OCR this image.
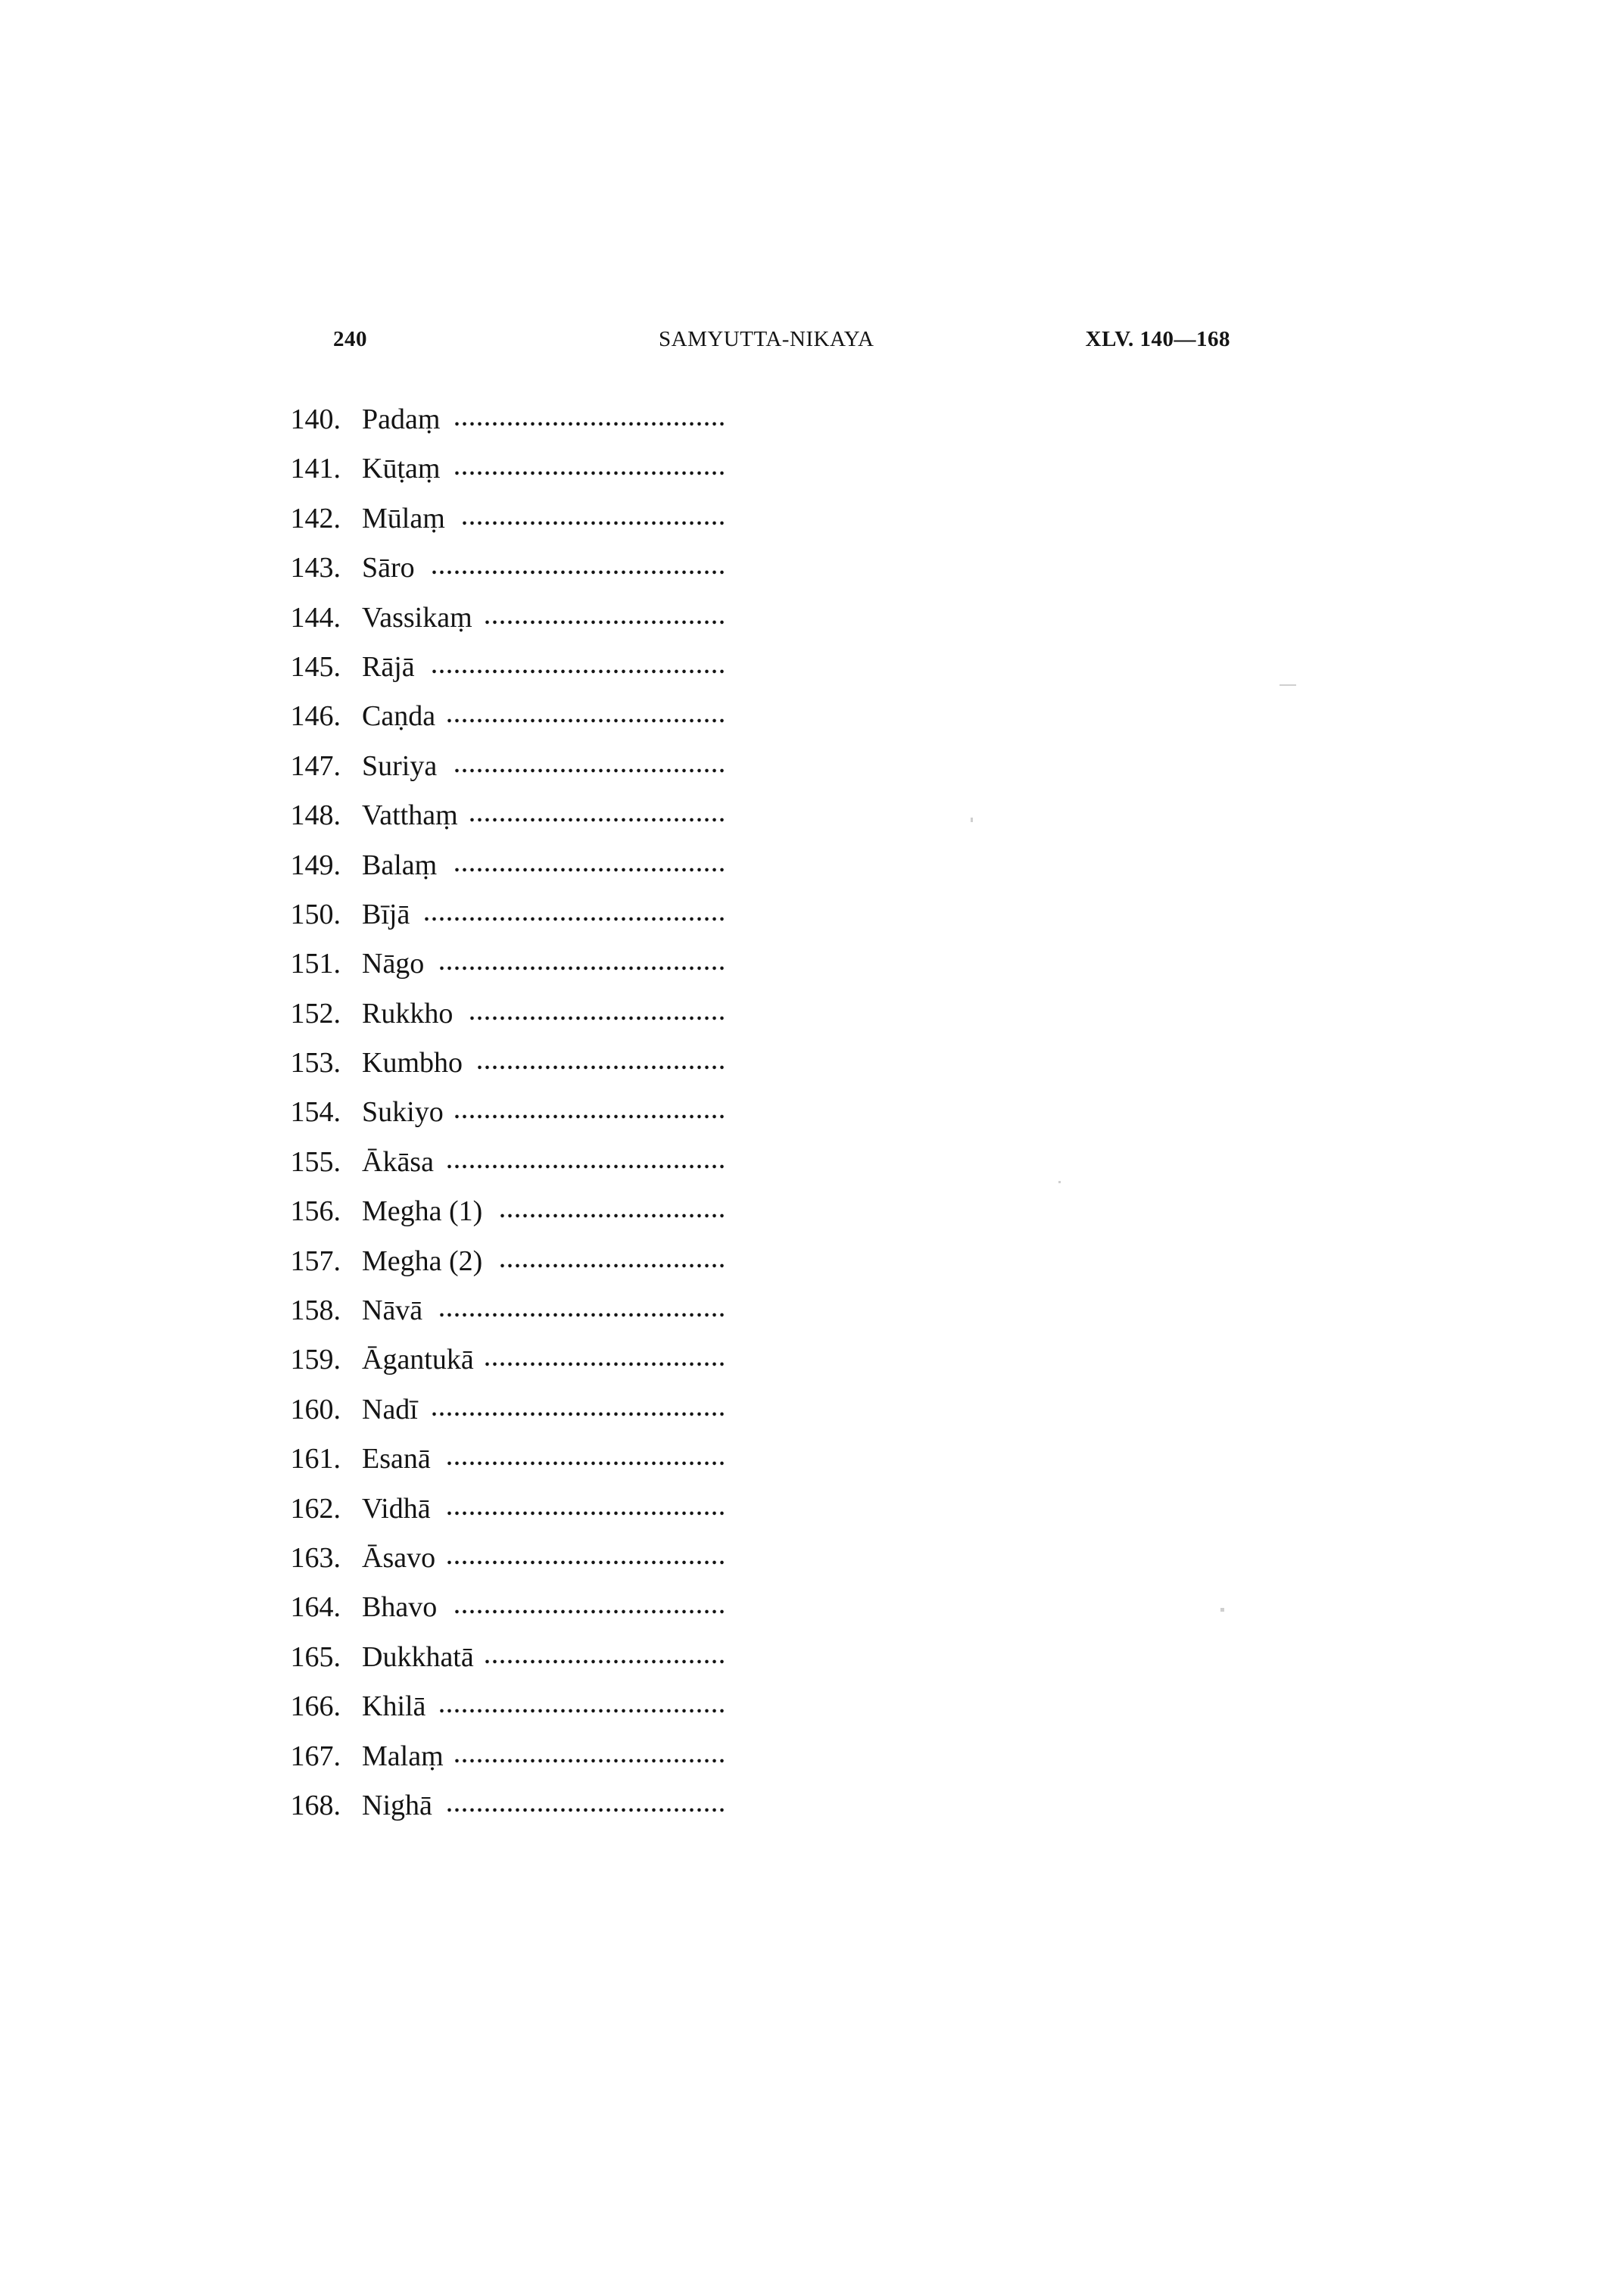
240	SAMYUTTA-NIKAYA	XLV. 140—168
140. Padaṃ ....................................
141. Kūṭaṃ ....................................
142. Mūlaṃ ...................................
143. Sāro .......................................
144. Vassikaṃ ................................
145. Rājā .......................................
146. Caṇda .....................................
147. Suriya ....................................
148. Vatthaṃ ..................................
149. Balaṃ ....................................
150. Bījā ........................................
151. Nāgo ......................................
152. Rukkho ..................................
153. Kumbho .................................
154. Sukiyo ....................................
155. Ākāsa .....................................
156. Megha (1) ..............................
157. Megha (2) ..............................
158. Nāvā ......................................
159. Āgantukā ................................
160. Nadī .......................................
161. Esanā .....................................
162. Vidhā .....................................
163. Āsavo .....................................
164. Bhavo ....................................
165. Dukkhatā ................................
166. Khilā ......................................
167. Malaṃ ....................................
168. Nighā .....................................
